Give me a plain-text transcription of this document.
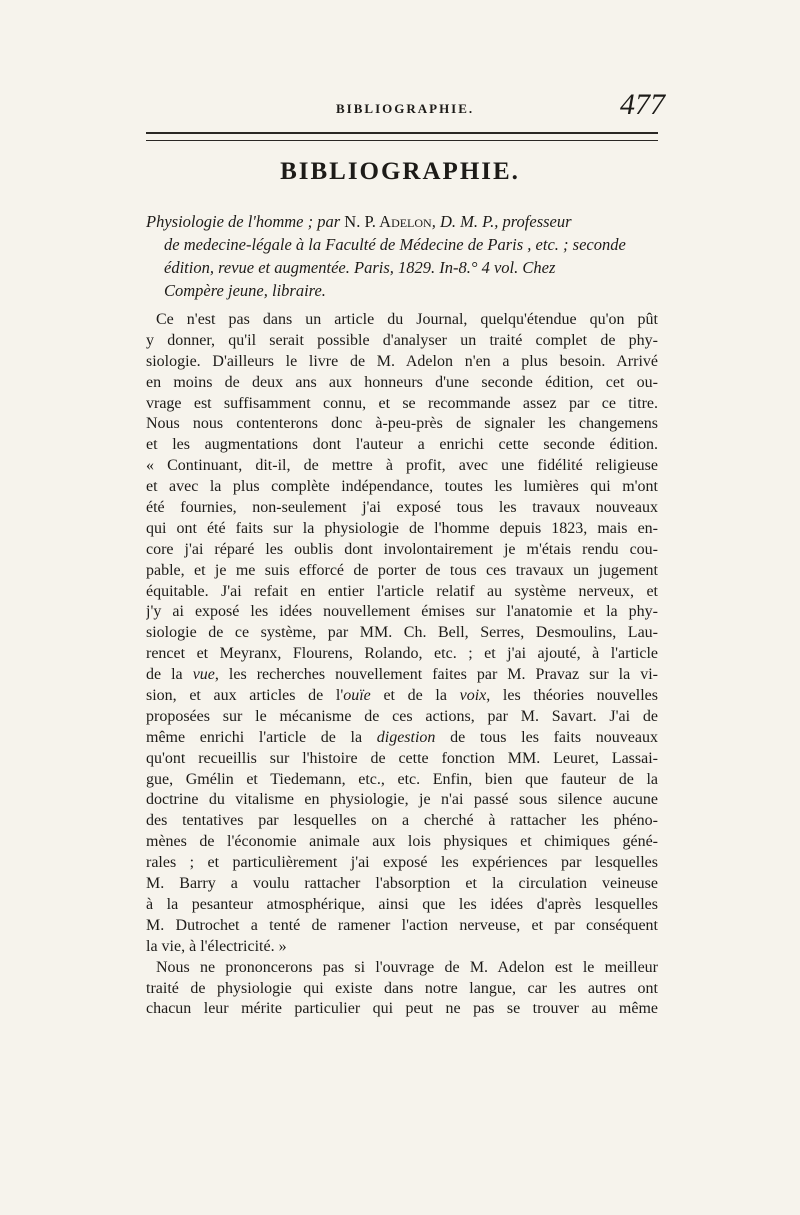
BIBLIOGRAPHIE.	477
BIBLIOGRAPHIE.
Physiologie de l'homme ; par N. P. Adelon, D. M. P., professeur
de medecine-légale à la Faculté de Médecine de Paris , etc. ; seconde
édition, revue et augmentée. Paris, 1829. In-8.° 4 vol. Chez
Compère jeune, libraire.
Ce n'est pas dans un article du Journal, quelqu'étendue qu'on pût
y donner, qu'il serait possible d'analyser un traité complet de phy-
siologie. D'ailleurs le livre de M. Adelon n'en a plus besoin. Arrivé
en moins de deux ans aux honneurs d'une seconde édition, cet ou-
vrage est suffisamment connu, et se recommande assez par ce titre.
Nous nous contenterons donc à-peu-près de signaler les changemens
et les augmentations dont l'auteur a enrichi cette seconde édition.
« Continuant, dit-il, de mettre à profit, avec une fidélité religieuse
et avec la plus complète indépendance, toutes les lumières qui m'ont
été fournies, non-seulement j'ai exposé tous les travaux nouveaux
qui ont été faits sur la physiologie de l'homme depuis 1823, mais en-
core j'ai réparé les oublis dont involontairement je m'étais rendu cou-
pable, et je me suis efforcé de porter de tous ces travaux un jugement
équitable. J'ai refait en entier l'article relatif au système nerveux, et
j'y ai exposé les idées nouvellement émises sur l'anatomie et la phy-
siologie de ce système, par MM. Ch. Bell, Serres, Desmoulins, Lau-
rencet et Meyranx, Flourens, Rolando, etc. ; et j'ai ajouté, à l'article
de la vue, les recherches nouvellement faites par M. Pravaz sur la vi-
sion, et aux articles de l'ouïe et de la voix, les théories nouvelles
proposées sur le mécanisme de ces actions, par M. Savart. J'ai de
même enrichi l'article de la digestion de tous les faits nouveaux
qu'ont recueillis sur l'histoire de cette fonction MM. Leuret, Lassai-
gue, Gmélin et Tiedemann, etc., etc. Enfin, bien que fauteur de la
doctrine du vitalisme en physiologie, je n'ai passé sous silence aucune
des tentatives par lesquelles on a cherché à rattacher les phéno-
mènes de l'économie animale aux lois physiques et chimiques géné-
rales ; et particulièrement j'ai exposé les expériences par lesquelles
M. Barry a voulu rattacher l'absorption et la circulation veineuse
à la pesanteur atmosphérique, ainsi que les idées d'après lesquelles
M. Dutrochet a tenté de ramener l'action nerveuse, et par conséquent
la vie, à l'électricité. »
Nous ne prononcerons pas si l'ouvrage de M. Adelon est le meilleur
traité de physiologie qui existe dans notre langue, car les autres ont
chacun leur mérite particulier qui peut ne pas se trouver au même
